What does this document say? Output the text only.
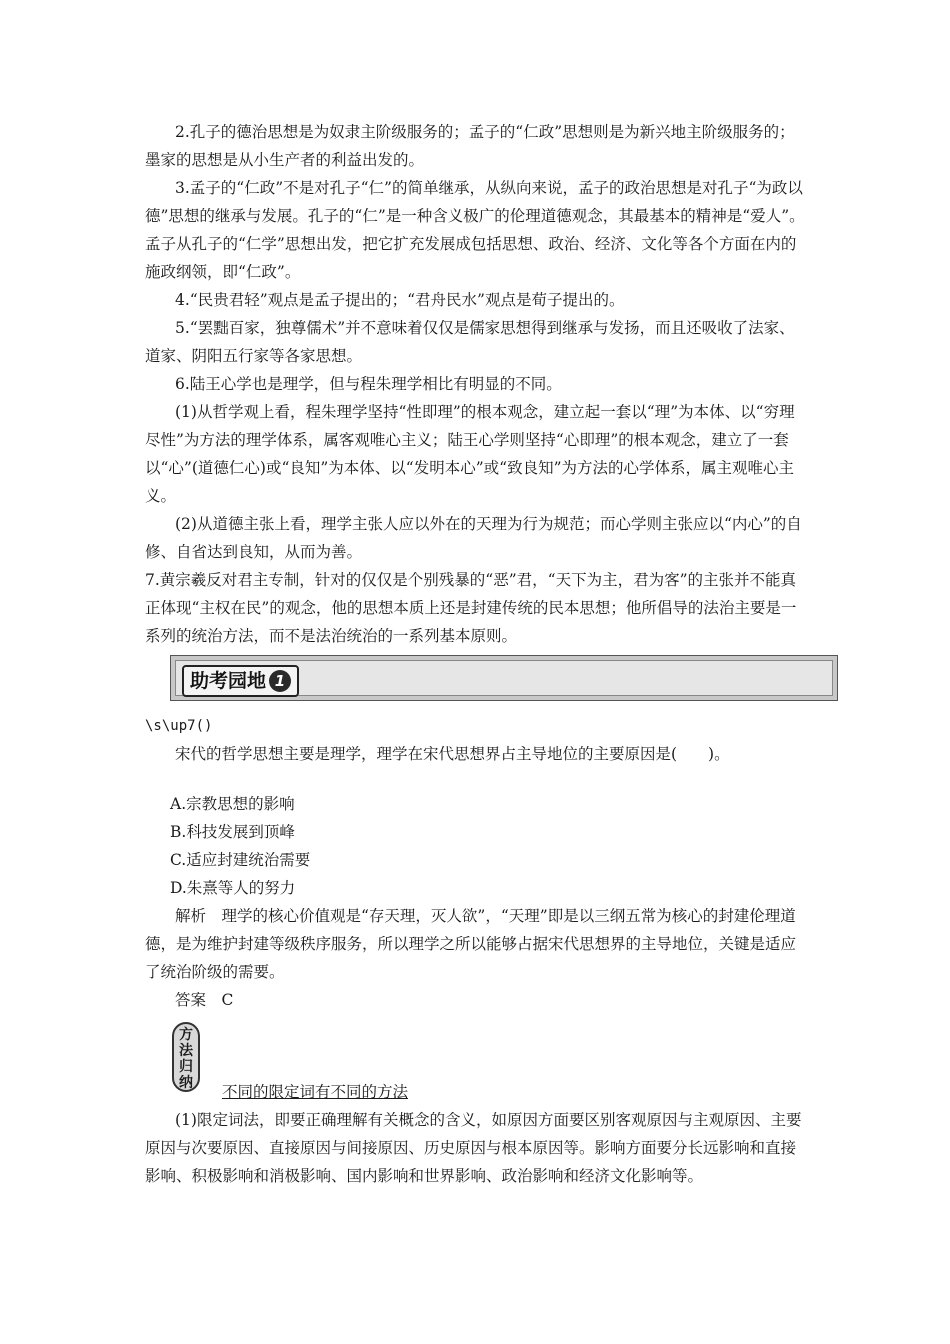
2.孔子的德治思想是为奴隶主阶级服务的；孟子的“仁政”思想则是为新兴地主阶级服务的；墨家的思想是从小生产者的利益出发的。

3.孟子的“仁政”不是对孔子“仁”的简单继承，从纵向来说，孟子的政治思想是对孔子“为政以德”思想的继承与发展。孔子的“仁”是一种含义极广的伦理道德观念，其最基本的精神是“爱人”。孟子从孔子的“仁学”思想出发，把它扩充发展成包括思想、政治、经济、文化等各个方面在内的施政纲领，即“仁政”。

4.“民贵君轻”观点是孟子提出的；“君舟民水”观点是荀子提出的。

5.“罢黜百家，独尊儒术”并不意味着仅仅是儒家思想得到继承与发扬，而且还吸收了法家、道家、阴阳五行家等各家思想。

6.陆王心学也是理学，但与程朱理学相比有明显的不同。

(1)从哲学观上看，程朱理学坚持“性即理”的根本观念，建立起一套以“理”为本体、以“穷理尽性”为方法的理学体系，属客观唯心主义；陆王心学则坚持“心即理”的根本观念，建立了一套以“心”(道德仁心)或“良知”为本体、以“发明本心”或“致良知”为方法的心学体系，属主观唯心主义。

(2)从道德主张上看，理学主张人应以外在的天理为行为规范；而心学则主张应以“内心”的自修、自省达到良知，从而为善。

7.黄宗羲反对君主专制，针对的仅仅是个别残暴的“恶”君，“天下为主，君为客”的主张并不能真正体现“主权在民”的观念，他的思想本质上还是封建传统的民本思想；他所倡导的法治主要是一系列的统治方法，而不是法治统治的一系列基本原则。

助考园地 1
\s\up7()

宋代的哲学思想主要是理学，理学在宋代思想界占主导地位的主要原因是(　　)。

A.宗教思想的影响
B.科技发展到顶峰
C.适应封建统治需要
D.朱熹等人的努力

解析　理学的核心价值观是“存天理，灭人欲”，“天理”即是以三纲五常为核心的封建伦理道德，是为维护封建等级秩序服务，所以理学之所以能够占据宋代思想界的主导地位，关键是适应了统治阶级的需要。

答案　C

方法归纳	不同的限定词有不同的方法

(1)限定词法，即要正确理解有关概念的含义，如原因方面要区别客观原因与主观原因、主要原因与次要原因、直接原因与间接原因、历史原因与根本原因等。影响方面要分长远影响和直接影响、积极影响和消极影响、国内影响和世界影响、政治影响和经济文化影响等。
